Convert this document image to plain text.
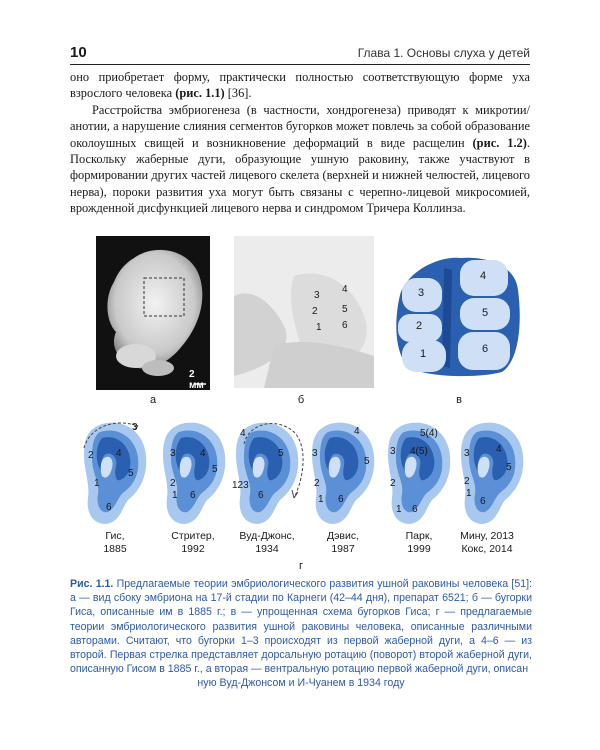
10	Глава 1. Основы слуха у детей

оно приобретает форму, практически полностью соответствующую форме уха взрослого человека (рис. 1.1) [36].

Расстройства эмбриогенеза (в частности, хондрогенеза) приводят к микротии/анотии, а нарушение слияния сегментов бугорков может повлечь за собой образование околоушных свищей и возникновение деформаций в виде расщелин (рис. 1.2). Поскольку жаберные дуги, образующие ушную раковину, также участвуют в формировании других частей лицевого скелета (верхней и нижней челюстей, лицевого нерва), пороки развития уха могут быть связаны с черепно-лицевой микросомией, врожденной дисфункцией лицевого нерва и синдромом Тричера Коллинза.

2 мм
а
3
4
2 5
1 6
б
3
4
2
5
1	6
в
3
2 4
5
1
6
3 4
5
2
1 6
4
5
123
6
4
3
5
2
1 6
5(4)
3 4(5)
2
1 6
3	4
5
2
1
6
Гис,
1885
Стритер,
1992
Вуд-Джонс,
1934
Дэвис,
1987
Парк,
1999
Мину, 2013
Кокс, 2014
г
Рис. 1.1. Предлагаемые теории эмбриологического развития ушной раковины человека [51]: а — вид сбоку эмбриона на 17-й стадии по Карнеги (42–44 дня), препарат 6521; б — бугорки Гиса, описанные им в 1885 г.; в — упрощенная схема бугорков Гиса; г — предлагаемые теории эмбриологического развития ушной раковины человека, описанные различными авторами. Считают, что бугорки 1–3 происходят из первой жаберной дуги, а 4–6 — из второй. Первая стрелка представляет дорсальную ротацию (поворот) второй жаберной дуги, описанную Гисом в 1885 г., а вторая — вентральную ротацию первой жаберной дуги, описан
ную Вуд-Джонсом и И-Чуанем в 1934 году
